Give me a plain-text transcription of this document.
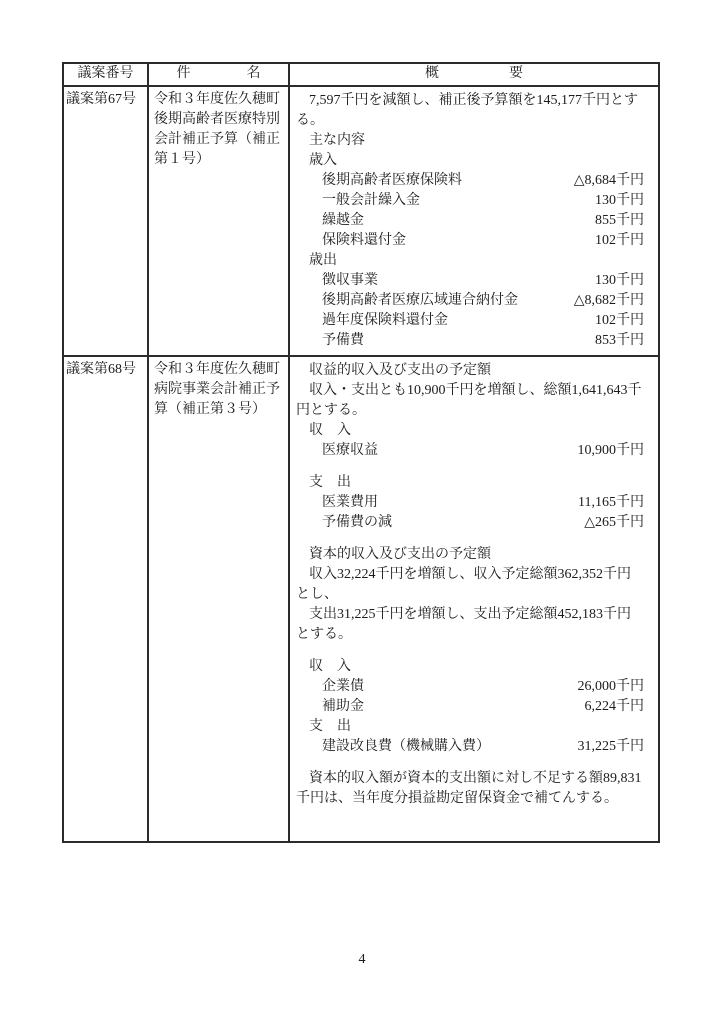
議案番号	件　　　　名	概　　　　　要
議案第67号	令和３年度佐久穂町後期高齢者医療特別会計補正予算（補正第１号）	
7,597千円を減額し、補正後予算額を145,177千円とする。
主な内容
歳入
後期高齢者医療保険料	△8,684千円
一般会計繰入金	130千円
繰越金	855千円
保険料還付金	102千円
歳出
徴収事業	130千円
後期高齢者医療広域連合納付金	△8,682千円
過年度保険料還付金	102千円
予備費	853千円

議案第68号	令和３年度佐久穂町病院事業会計補正予算（補正第３号）	
収益的収入及び支出の予定額
収入・支出とも10,900千円を増額し、総額1,641,643千円とする。
収　入
医療収益	10,900千円
支　出
医業費用	11,165千円
予備費の減	△265千円
資本的収入及び支出の予定額
収入32,224千円を増額し、収入予定総額362,352千円とし、
支出31,225千円を増額し、支出予定総額452,183千円とする。
収　入
企業債	26,000千円
補助金	6,224千円
支　出
建設改良費（機械購入費）	31,225千円
資本的収入額が資本的支出額に対し不足する額89,831千円は、当年度分損益勘定留保資金で補てんする。
4
